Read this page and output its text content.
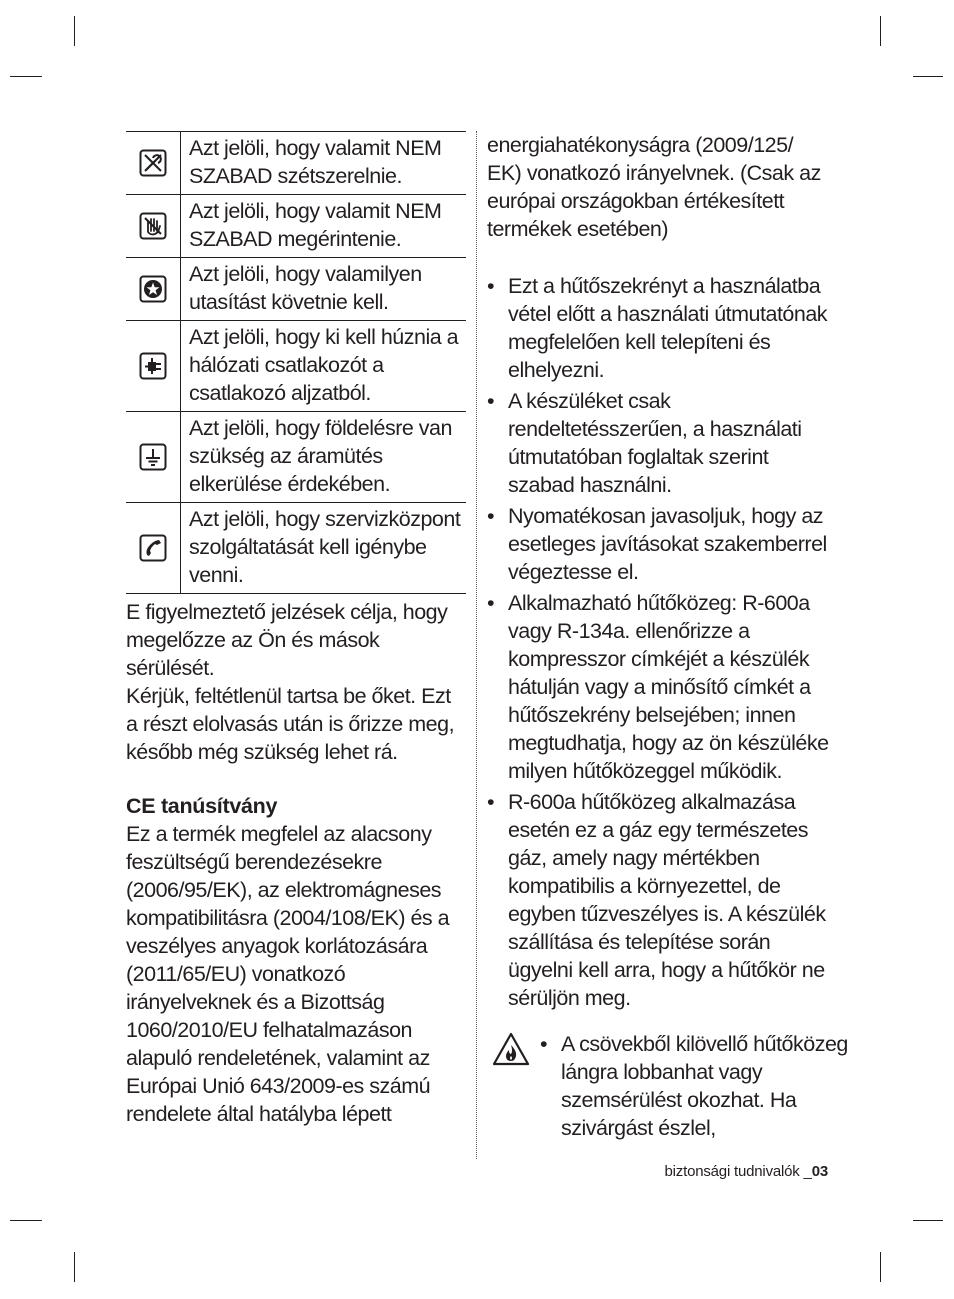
	Azt jelöli, hogy valamit NEM SZABAD szétszerelnie.
	Azt jelöli, hogy valamit NEM SZABAD megérintenie.
	Azt jelöli, hogy valamilyen utasítást követnie kell.
	Azt jelöli, hogy ki kell húznia a hálózati csatlakozót a csatlakozó aljzatból.
	Azt jelöli, hogy földelésre van szükség az áramütés elkerülése érdekében.
	Azt jelöli, hogy szervizközpont szolgáltatását kell igénybe venni.

E figyelmeztető jelzések célja, hogy megelőzze az Ön és mások sérülését.

Kérjük, feltétlenül tartsa be őket. Ezt a részt elolvasás után is őrizze meg, később még szükség lehet rá.

CE tanúsítvány

Ez a termék megfelel az alacsony feszültségű berendezésekre (2006/95/EK), az elektromágneses kompatibilitásra (2004/108/EK) és a veszélyes anyagok korlátozására (2011/65/EU) vonatkozó irányelveknek és a Bizottság 1060/2010/EU felhatalmazáson alapuló rendeletének, valamint az Európai Unió 643/2009-es számú rendelete által hatályba lépett

energiahatékonyságra (2009/125/ EK) vonatkozó irányelvnek. (Csak az európai országokban értékesített termékek esetében)

• Ezt a hűtőszekrényt a használatba vétel előtt a használati útmutatónak megfelelően kell telepíteni és elhelyezni.
• A készüléket csak rendeltetésszerűen, a használati útmutatóban foglaltak szerint szabad használni.
• Nyomatékosan javasoljuk, hogy az esetleges javításokat szakemberrel végeztesse el.
• Alkalmazható hűtőközeg: R-600a vagy R-134a. ellenőrizze a kompresszor címkéjét a készülék hátulján vagy a minősítő címkét a hűtőszekrény belsejében; innen megtudhatja, hogy az ön készüléke milyen hűtőközeggel működik.
• R-600a hűtőközeg alkalmazása esetén ez a gáz egy természetes gáz, amely nagy mértékben kompatibilis a környezettel, de egyben tűzveszélyes is. A készülék szállítása és telepítése során ügyelni kell arra, hogy a hűtőkör ne sérüljön meg.
• A csövekből kilövellő hűtőközeg lángra lobbanhat vagy szemsérülést okozhat. Ha szivárgást észlel,
biztonsági tudnivalók _03
